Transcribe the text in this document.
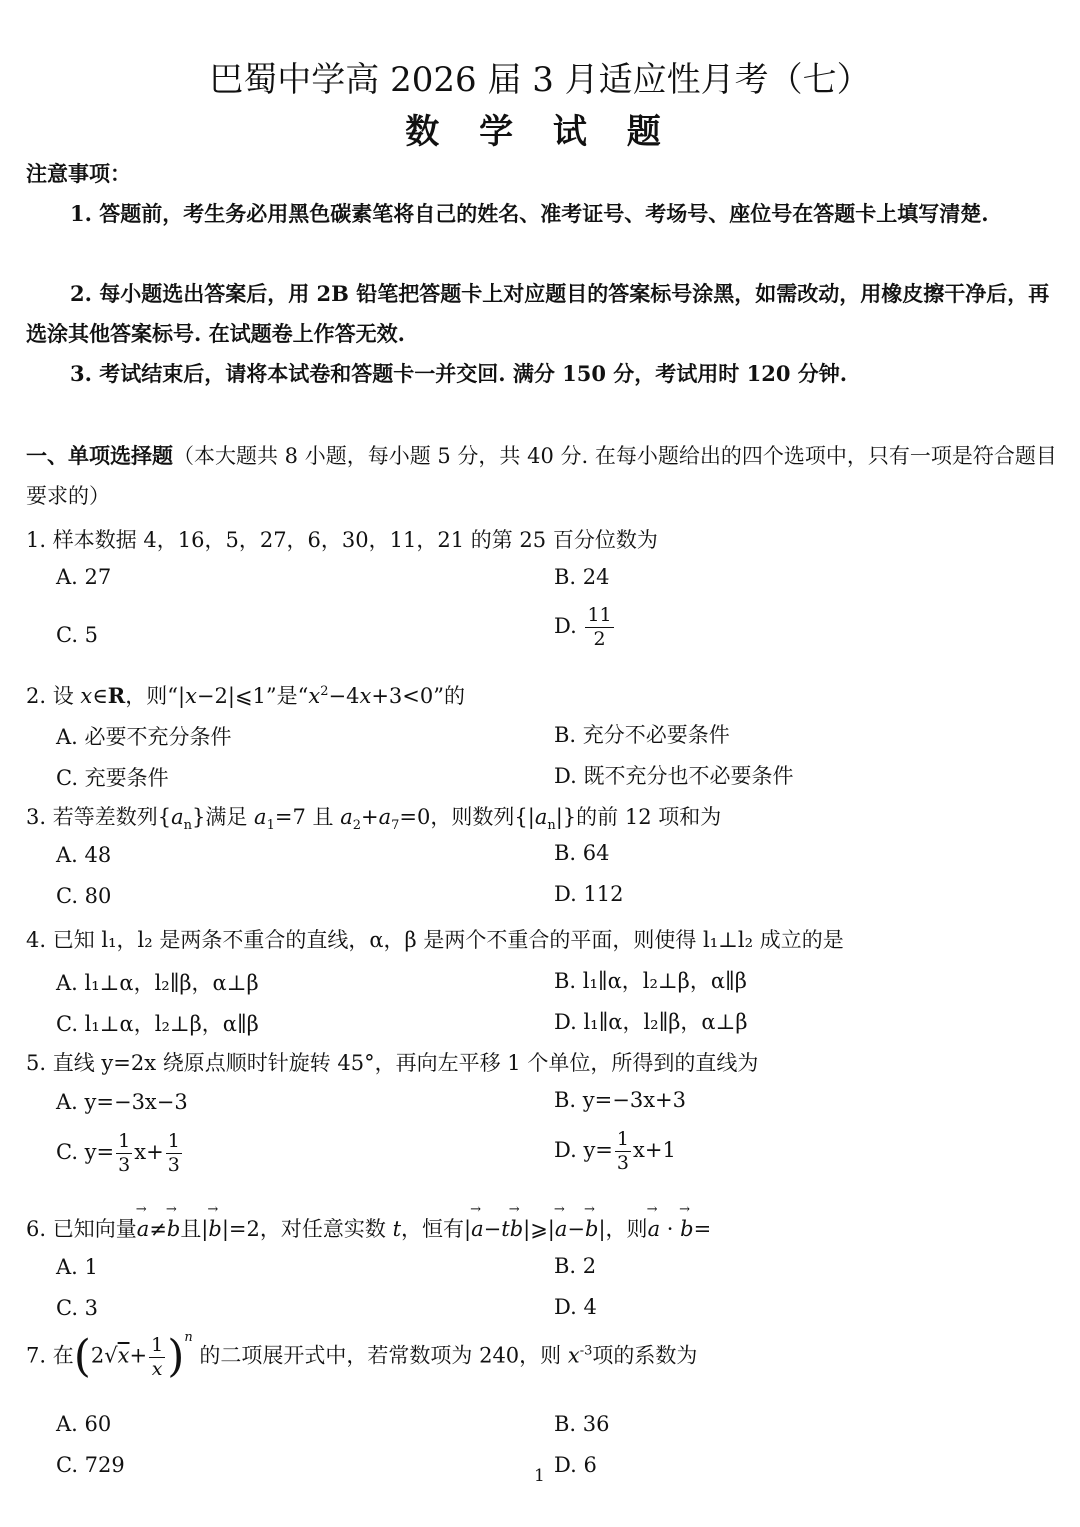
巴蜀中学高 2026 届 3 月适应性月考（七）
数 学 试 题
注意事项：
1. 答题前，考生务必用黑色碳素笔将自己的姓名、准考证号、考场号、座位号在答题卡上填写清楚.
2. 每小题选出答案后，用 2B 铅笔把答题卡上对应题目的答案标号涂黑，如需改动，用橡皮擦干净后，再选涂其他答案标号. 在试题卷上作答无效.
3. 考试结束后，请将本试卷和答题卡一并交回. 满分 150 分，考试用时 120 分钟.
一、单项选择题（本大题共 8 小题，每小题 5 分，共 40 分. 在每小题给出的四个选项中，只有一项是符合题目要求的）
1. 样本数据 4，16，5，27，6，30，11，21 的第 25 百分位数为
A. 27	B. 24
C. 5	D. $\frac{11}{2}$
2. 设 x∈R，则“|x−2|⩽1”是“$x^2-4x+3<0$”的
A. 必要不充分条件	B. 充分不必要条件
C. 充要条件	D. 既不充分也不必要条件
3. 若等差数列$\{a_n\}$满足 $a_1=7$ 且 $a_2+a_7=0$，则数列$\{|a_n|\}$的前 12 项和为
A. 48	B. 64
C. 80	D. 112
4. 已知 l₁，l₂ 是两条不重合的直线，α，β 是两个不重合的平面，则使得 l₁⊥l₂ 成立的是
A. l₁⊥α，l₂∥β，α⊥β	B. l₁∥α，l₂⊥β，α∥β
C. l₁⊥α，l₂⊥β，α∥β	D. l₁∥α，l₂∥β，α⊥β
5. 直线 y=2x 绕原点顺时针旋转 45°，再向左平移 1 个单位，所得到的直线为
A. y=−3x−3	B. y=−3x+3
C. $y= \frac{1}{3} x+ \frac{1}{3}$	D. $y= \frac{1}{3} x+1$
6. 已知向量→ a≠→ b且|→ b|=2，对任意实数 t，恒有|→ a−t→ b|⩾|→ a−→ b|，则→ a · → b=
A. 1	B. 2
C. 3	D. 4
7. 在$(2√x+ \frac{1}{x} )^n$ 的二项展开式中，若常数项为 240，则 $x^{-3}$项的系数为
A. 60	B. 36
C. 729	D. 6
1
